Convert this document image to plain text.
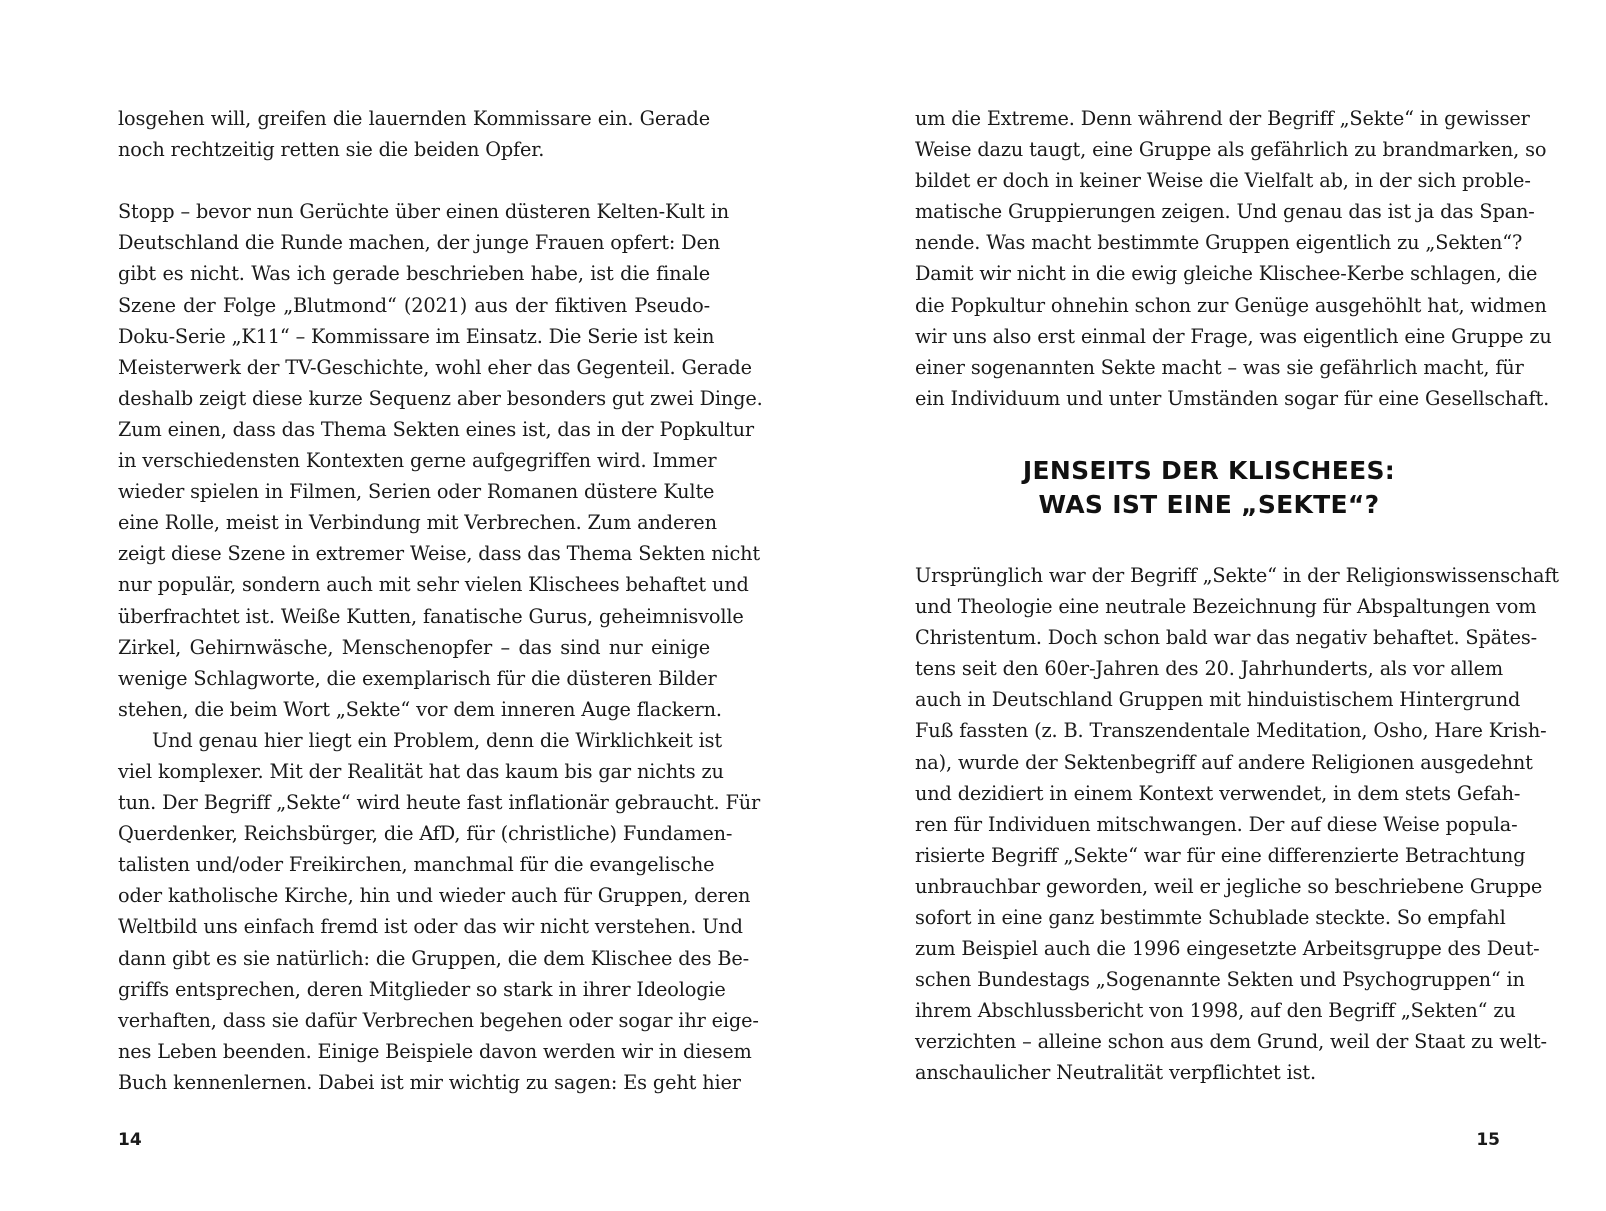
losgehen will, greifen die lauernden Kommissare ein. Gerade
noch rechtzeitig retten sie die beiden Opfer.
Stopp – bevor nun Gerüchte über einen düsteren Kelten-Kult in
Deutschland die Runde machen, der junge Frauen opfert: Den
gibt es nicht. Was ich gerade beschrieben habe, ist die finale
Szene der Folge „Blutmond“ (2021) aus der fiktiven Pseudo-
Doku-Serie „K11“ – Kommissare im Einsatz. Die Serie ist kein
Meisterwerk der TV-Geschichte, wohl eher das Gegenteil. Gerade
deshalb zeigt diese kurze Sequenz aber besonders gut zwei Dinge.
Zum einen, dass das Thema Sekten eines ist, das in der Popkultur
in verschiedensten Kontexten gerne aufgegriffen wird. Immer
wieder spielen in Filmen, Serien oder Romanen düstere Kulte
eine Rolle, meist in Verbindung mit Verbrechen. Zum anderen
zeigt diese Szene in extremer Weise, dass das Thema Sekten nicht
nur populär, sondern auch mit sehr vielen Klischees behaftet und
überfrachtet ist. Weiße Kutten, fanatische Gurus, geheimnisvolle
Zirkel, Gehirnwäsche, Menschenopfer – das sind nur einige
wenige Schlagworte, die exemplarisch für die düsteren Bilder
stehen, die beim Wort „Sekte“ vor dem inneren Auge flackern.
Und genau hier liegt ein Problem, denn die Wirklichkeit ist
viel komplexer. Mit der Realität hat das kaum bis gar nichts zu
tun. Der Begriff „Sekte“ wird heute fast inflationär gebraucht. Für
Querdenker, Reichsbürger, die AfD, für (christliche) Fundamen-
talisten und/oder Freikirchen, manchmal für die evangelische
oder katholische Kirche, hin und wieder auch für Gruppen, deren
Weltbild uns einfach fremd ist oder das wir nicht verstehen. Und
dann gibt es sie natürlich: die Gruppen, die dem Klischee des Be-
griffs entsprechen, deren Mitglieder so stark in ihrer Ideologie
verhaften, dass sie dafür Verbrechen begehen oder sogar ihr eige-
nes Leben beenden. Einige Beispiele davon werden wir in diesem
Buch kennenlernen. Dabei ist mir wichtig zu sagen: Es geht hier
14
um die Extreme. Denn während der Begriff „Sekte“ in gewisser
Weise dazu taugt, eine Gruppe als gefährlich zu brandmarken, so
bildet er doch in keiner Weise die Vielfalt ab, in der sich proble-
matische Gruppierungen zeigen. Und genau das ist ja das Span-
nende. Was macht bestimmte Gruppen eigentlich zu „Sekten“?
Damit wir nicht in die ewig gleiche Klischee-Kerbe schlagen, die
die Popkultur ohnehin schon zur Genüge ausgehöhlt hat, widmen
wir uns also erst einmal der Frage, was eigentlich eine Gruppe zu
einer sogenannten Sekte macht – was sie gefährlich macht, für
ein Individuum und unter Umständen sogar für eine Gesellschaft.
JENSEITS DER KLISCHEES:
WAS IST EINE „SEKTE“?
Ursprünglich war der Begriff „Sekte“ in der Religionswissenschaft
und Theologie eine neutrale Bezeichnung für Abspaltungen vom
Christentum. Doch schon bald war das negativ behaftet. Spätes-
tens seit den 60er-Jahren des 20. Jahrhunderts, als vor allem
auch in Deutschland Gruppen mit hinduistischem Hintergrund
Fuß fassten (z. B. Transzendentale Meditation, Osho, Hare Krish-
na), wurde der Sektenbegriff auf andere Religionen ausgedehnt
und dezidiert in einem Kontext verwendet, in dem stets Gefah-
ren für Individuen mitschwangen. Der auf diese Weise popula-
risierte Begriff „Sekte“ war für eine differenzierte Betrachtung
unbrauchbar geworden, weil er jegliche so beschriebene Gruppe
sofort in eine ganz bestimmte Schublade steckte. So empfahl
zum Beispiel auch die 1996 eingesetzte Arbeitsgruppe des Deut-
schen Bundestags „Sogenannte Sekten und Psychogruppen“ in
ihrem Abschlussbericht von 1998, auf den Begriff „Sekten“ zu
verzichten – alleine schon aus dem Grund, weil der Staat zu welt-
anschaulicher Neutralität verpflichtet ist.
15
